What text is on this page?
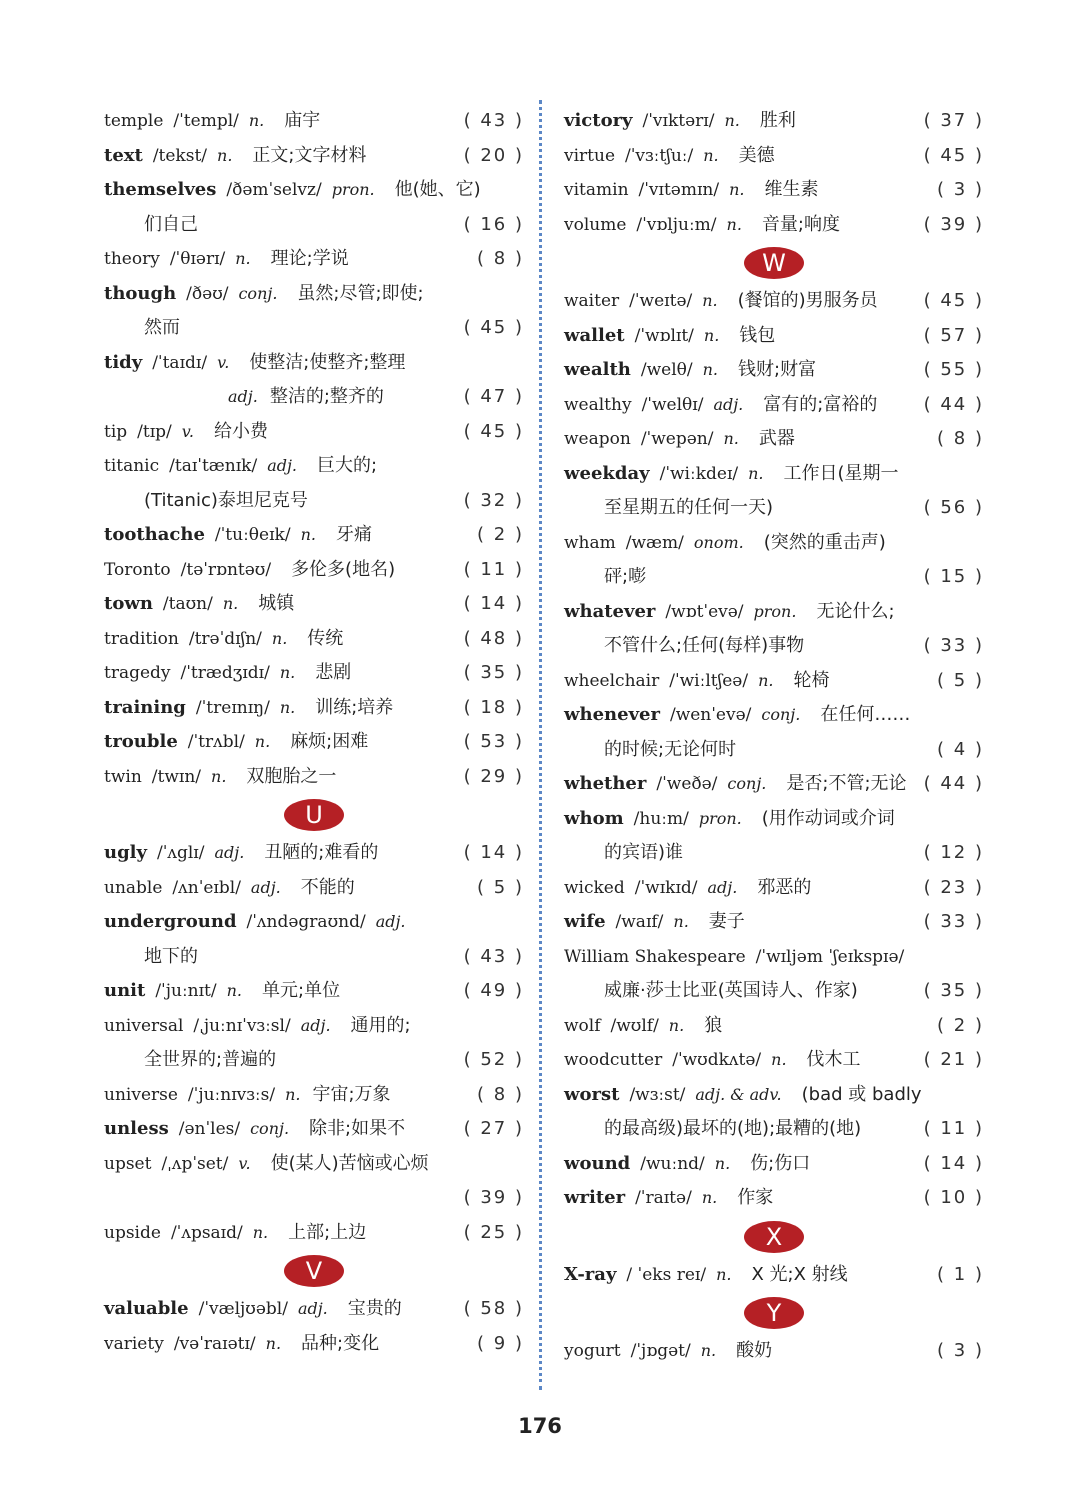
temple /ˈtempl/ n. 庙宇	( 43 )
text /tekst/ n. 正文;文字材料	( 20 )
themselves /ðəmˈselvz/ pron. 他(她、它)
们自己	( 16 )
theory /ˈθɪərɪ/ n. 理论;学说	( 8 )
though /ðəʊ/ conj. 虽然;尽管;即使;
然而	( 45 )
tidy /ˈtaɪdɪ/ v. 使整洁;使整齐;整理
adj. 整洁的;整齐的	( 47 )
tip /tɪp/ v. 给小费	( 45 )
titanic /taɪˈtænɪk/ adj. 巨大的;
(Titanic)泰坦尼克号	( 32 )
toothache /ˈtuːθeɪk/ n. 牙痛	( 2 )
Toronto /təˈrɒntəʊ/ 多伦多(地名)	( 11 )
town /taʊn/ n. 城镇	( 14 )
tradition /trəˈdɪʃn/ n. 传统	( 48 )
tragedy /ˈtrædʒɪdɪ/ n. 悲剧	( 35 )
training /ˈtreɪnɪŋ/ n. 训练;培养	( 18 )
trouble /ˈtrʌbl/ n. 麻烦;困难	( 53 )
twin /twɪn/ n. 双胞胎之一	( 29 )
U
ugly /ˈʌglɪ/ adj. 丑陋的;难看的	( 14 )
unable /ʌnˈeɪbl/ adj. 不能的	( 5 )
underground /ˈʌndəgraʊnd/ adj.
地下的	( 43 )
unit /ˈjuːnɪt/ n. 单元;单位	( 49 )
universal /ˌjuːnɪˈvɜːsl/ adj. 通用的;
全世界的;普遍的	( 52 )
universe /ˈjuːnɪvɜːs/ n. 宇宙;万象	( 8 )
unless /ənˈles/ conj. 除非;如果不	( 27 )
upset /ˌʌpˈset/ v. 使(某人)苦恼或心烦
( 39 )
upside /ˈʌpsaɪd/ n. 上部;上边	( 25 )
V
valuable /ˈvæljʊəbl/ adj. 宝贵的	( 58 )
variety /vəˈraɪətɪ/ n. 品种;变化	( 9 )
victory /ˈvɪktərɪ/ n. 胜利	( 37 )
virtue /ˈvɜːtʃuː/ n. 美德	( 45 )
vitamin /ˈvɪtəmɪn/ n. 维生素	( 3 )
volume /ˈvɒljuːm/ n. 音量;响度	( 39 )
W
waiter /ˈweɪtə/ n. (餐馆的)男服务员	( 45 )
wallet /ˈwɒlɪt/ n. 钱包	( 57 )
wealth /welθ/ n. 钱财;财富	( 55 )
wealthy /ˈwelθɪ/ adj. 富有的;富裕的	( 44 )
weapon /ˈwepən/ n. 武器	( 8 )
weekday /ˈwiːkdeɪ/ n. 工作日(星期一
至星期五的任何一天)	( 56 )
wham /wæm/ onom. (突然的重击声)
砰;嘭	( 15 )
whatever /wɒtˈevə/ pron. 无论什么;
不管什么;任何(每样)事物	( 33 )
wheelchair /ˈwiːltʃeə/ n. 轮椅	( 5 )
whenever /wenˈevə/ conj. 在任何……
的时候;无论何时	( 4 )
whether /ˈweðə/ conj. 是否;不管;无论 ( 44 )
whom /huːm/ pron. (用作动词或介词
的宾语)谁	( 12 )
wicked /ˈwɪkɪd/ adj. 邪恶的	( 23 )
wife /waɪf/ n. 妻子	( 33 )
William Shakespeare /ˈwɪljəm ˈʃeɪkspɪə/
威廉·莎士比亚(英国诗人、作家)	( 35 )
wolf /wʊlf/ n. 狼	( 2 )
woodcutter /ˈwʊdkʌtə/ n. 伐木工	( 21 )
worst /wɜːst/ adj. & adv. (bad 或 badly
的最高级)最坏的(地);最糟的(地)	( 11 )
wound /wuːnd/ n. 伤;伤口	( 14 )
writer /ˈraɪtə/ n. 作家	( 10 )
X
X-ray / ˈeks reɪ/ n. X 光;X 射线	( 1 )
Y
yogurt /ˈjɒgət/ n. 酸奶	( 3 )
176
